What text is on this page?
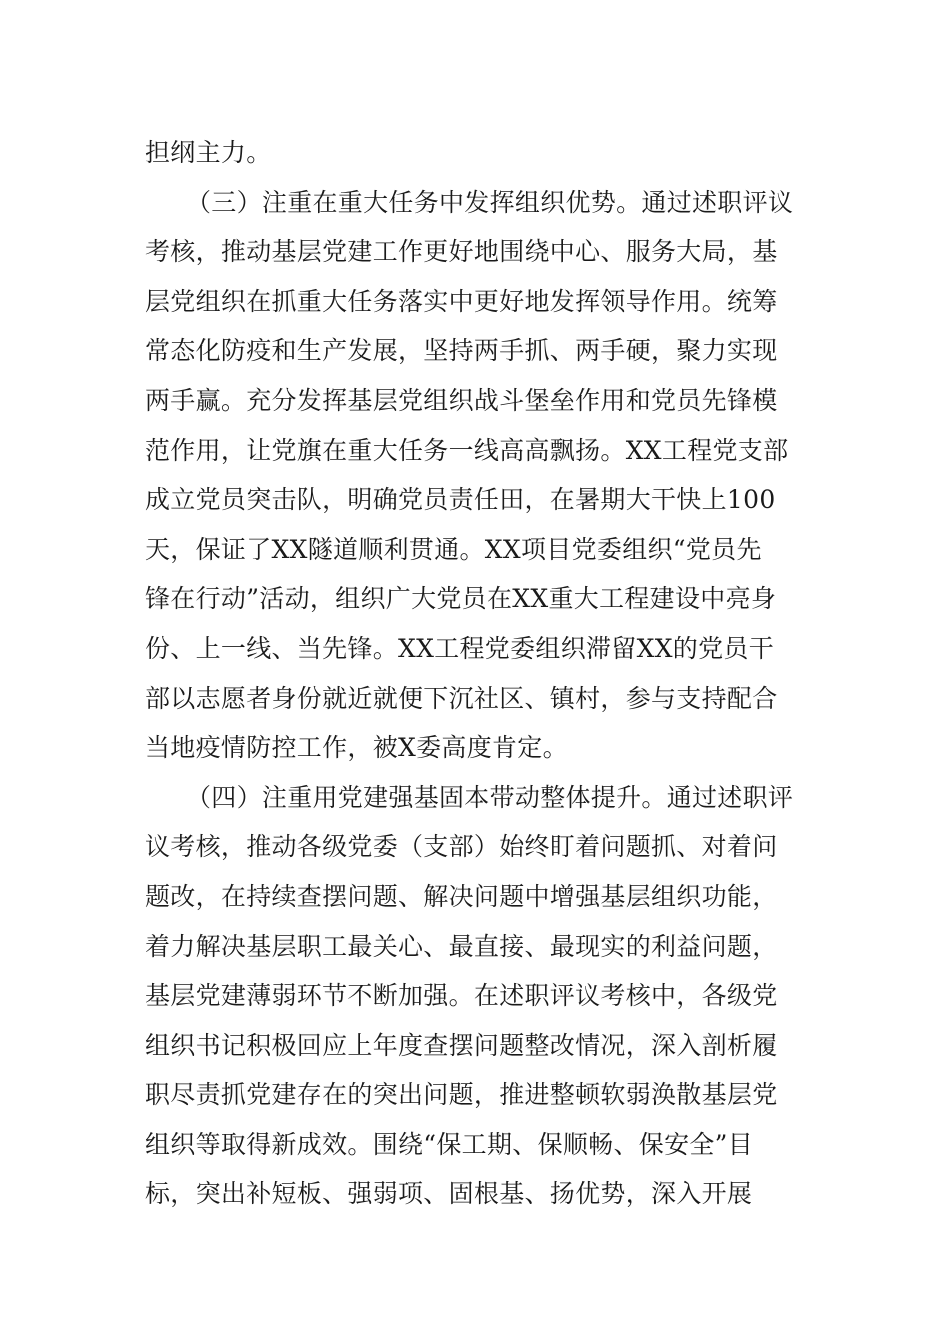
担纲主力。
（三）注重在重大任务中发挥组织优势。通过述职评议
考核，推动基层党建工作更好地围绕中心、服务大局，基
层党组织在抓重大任务落实中更好地发挥领导作用。统筹
常态化防疫和生产发展，坚持两手抓、两手硬，聚力实现
两手赢。充分发挥基层党组织战斗堡垒作用和党员先锋模
范作用，让党旗在重大任务一线高高飘扬。XX工程党支部
成立党员突击队，明确党员责任田，在暑期大干快上100
天，保证了XX隧道顺利贯通。XX项目党委组织“党员先
锋在行动”活动，组织广大党员在XX重大工程建设中亮身
份、上一线、当先锋。XX工程党委组织滞留XX的党员干
部以志愿者身份就近就便下沉社区、镇村，参与支持配合
当地疫情防控工作，被X委高度肯定。
（四）注重用党建强基固本带动整体提升。通过述职评
议考核，推动各级党委（支部）始终盯着问题抓、对着问
题改，在持续查摆问题、解决问题中增强基层组织功能，
着力解决基层职工最关心、最直接、最现实的利益问题，
基层党建薄弱环节不断加强。在述职评议考核中，各级党
组织书记积极回应上年度查摆问题整改情况，深入剖析履
职尽责抓党建存在的突出问题，推进整顿软弱涣散基层党
组织等取得新成效。围绕“保工期、保顺畅、保安全”目
标，突出补短板、强弱项、固根基、扬优势，深入开展
